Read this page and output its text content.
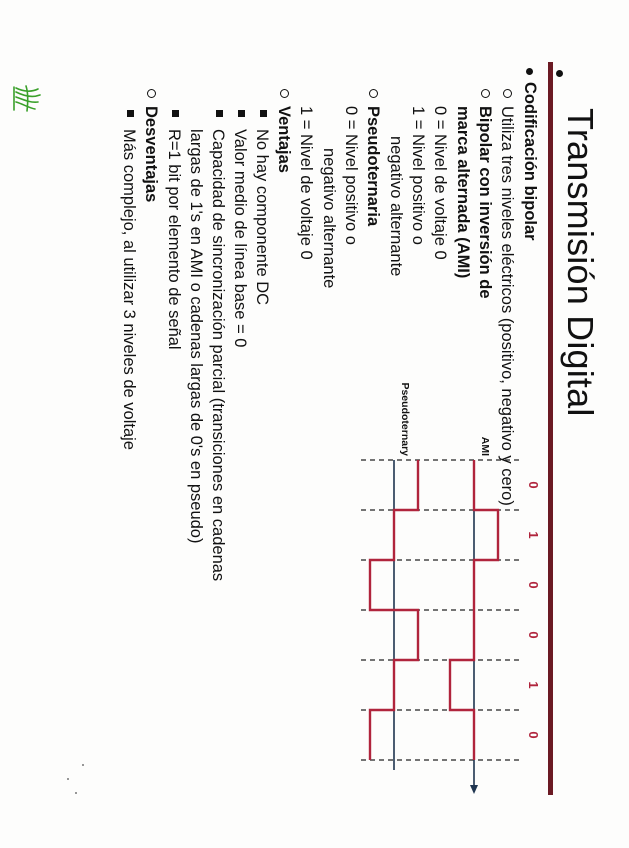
Transmisión Digital
Codificación bipolar
Utiliza tres niveles eléctricos (positivo, negativo y cero)
Bipolar con inversión de
marca alternada (AMI)
0 = Nivel de voltaje 0
1 = Nivel positivo o
negativo alternante
Pseudoternaria
0 = Nivel positivo o
negativo alternante
1 = Nivel de voltaje 0
Ventajas
No hay componente DC
Valor medio de línea base = 0
Capacidad de sincronización parcial (transiciones en cadenas
largas de 1's en AMI o cadenas largas de 0's en pseudo)
R=1 bit por elemento de señal
Desventajas
Más complejo, al utilizar 3 niveles de voltaje
0
1
0
0
1
0
AMI
Pseudoternary
